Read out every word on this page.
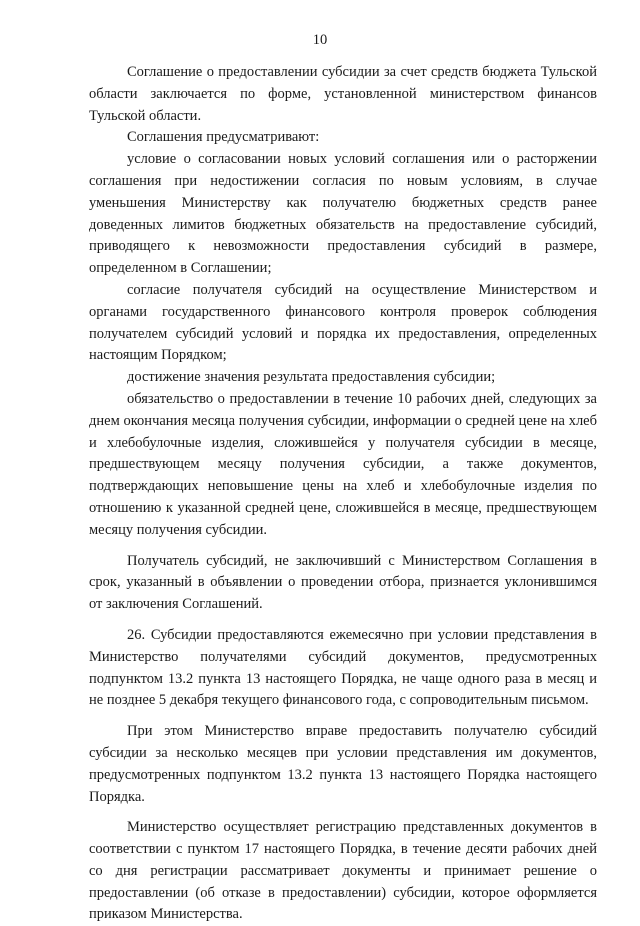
10

Соглашение о предоставлении субсидии за счет средств бюджета Тульской области заключается по форме, установленной министерством финансов Тульской области.

Соглашения предусматривают:

условие о согласовании новых условий соглашения или о расторжении соглашения при недостижении согласия по новым условиям, в случае уменьшения Министерству как получателю бюджетных средств ранее доведенных лимитов бюджетных обязательств на предоставление субсидий, приводящего к невозможности предоставления субсидий в размере, определенном в Соглашении;

согласие получателя субсидий на осуществление Министерством и органами государственного финансового контроля проверок соблюдения получателем субсидий условий и порядка их предоставления, определенных настоящим Порядком;

достижение значения результата предоставления субсидии;

обязательство о предоставлении в течение 10 рабочих дней, следующих за днем окончания месяца получения субсидии, информации о средней цене на хлеб и хлебобулочные изделия, сложившейся у получателя субсидии в месяце, предшествующем месяцу получения субсидии, а также документов, подтверждающих неповышение цены на хлеб и хлебобулочные изделия по отношению к указанной средней цене, сложившейся в месяце, предшествующем месяцу получения субсидии.

Получатель субсидий, не заключивший с Министерством Соглашения в срок, указанный в объявлении о проведении отбора, признается уклонившимся от заключения Соглашений.

26. Субсидии предоставляются ежемесячно при условии представления в Министерство получателями субсидий документов, предусмотренных подпунктом 13.2 пункта 13 настоящего Порядка, не чаще одного раза в месяц и не позднее 5 декабря текущего финансового года, с сопроводительным письмом.

При этом Министерство вправе предоставить получателю субсидий субсидии за несколько месяцев при условии представления им документов, предусмотренных подпунктом 13.2 пункта 13 настоящего Порядка настоящего Порядка.

Министерство осуществляет регистрацию представленных документов в соответствии с пунктом 17 настоящего Порядка, в течение десяти рабочих дней со дня регистрации рассматривает документы и принимает решение о предоставлении (об отказе в предоставлении) субсидии, которое оформляется приказом Министерства.
